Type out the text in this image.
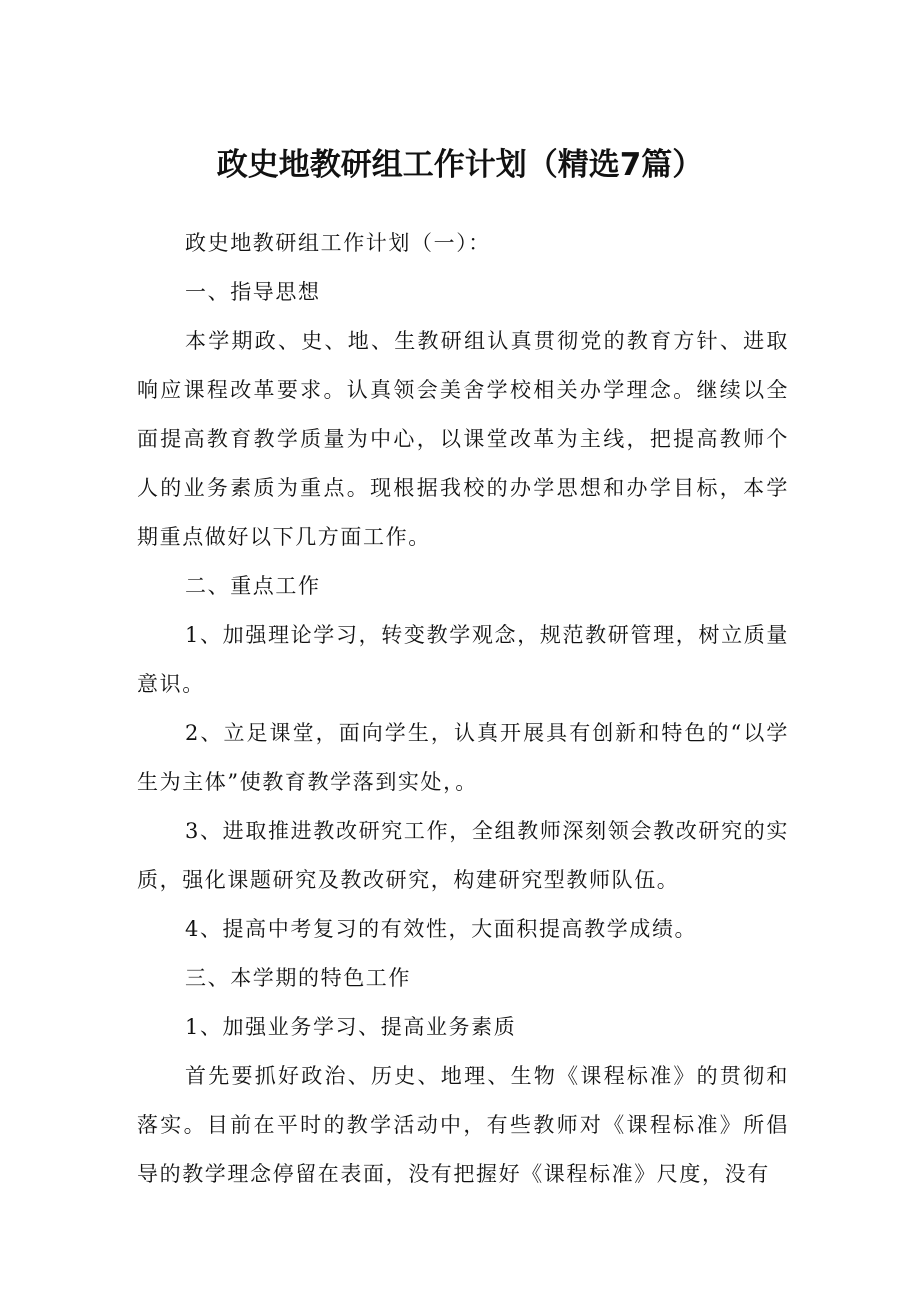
政史地教研组工作计划（精选7篇）

政史地教研组工作计划（一）：

一、指导思想

本学期政、史、地、生教研组认真贯彻党的教育方针、进取响应课程改革要求。认真领会美舍学校相关办学理念。继续以全面提高教育教学质量为中心，以课堂改革为主线，把提高教师个人的业务素质为重点。现根据我校的办学思想和办学目标，本学期重点做好以下几方面工作。

二、重点工作

1、加强理论学习，转变教学观念，规范教研管理，树立质量意识。

2、立足课堂，面向学生，认真开展具有创新和特色的“以学生为主体”使教育教学落到实处，。

3、进取推进教改研究工作，全组教师深刻领会教改研究的实质，强化课题研究及教改研究，构建研究型教师队伍。

4、提高中考复习的有效性，大面积提高教学成绩。

三、本学期的特色工作

1、加强业务学习、提高业务素质

首先要抓好政治、历史、地理、生物《课程标准》的贯彻和落实。目前在平时的教学活动中，有些教师对《课程标准》所倡导的教学理念停留在表面，没有把握好《课程标准》尺度，没有
